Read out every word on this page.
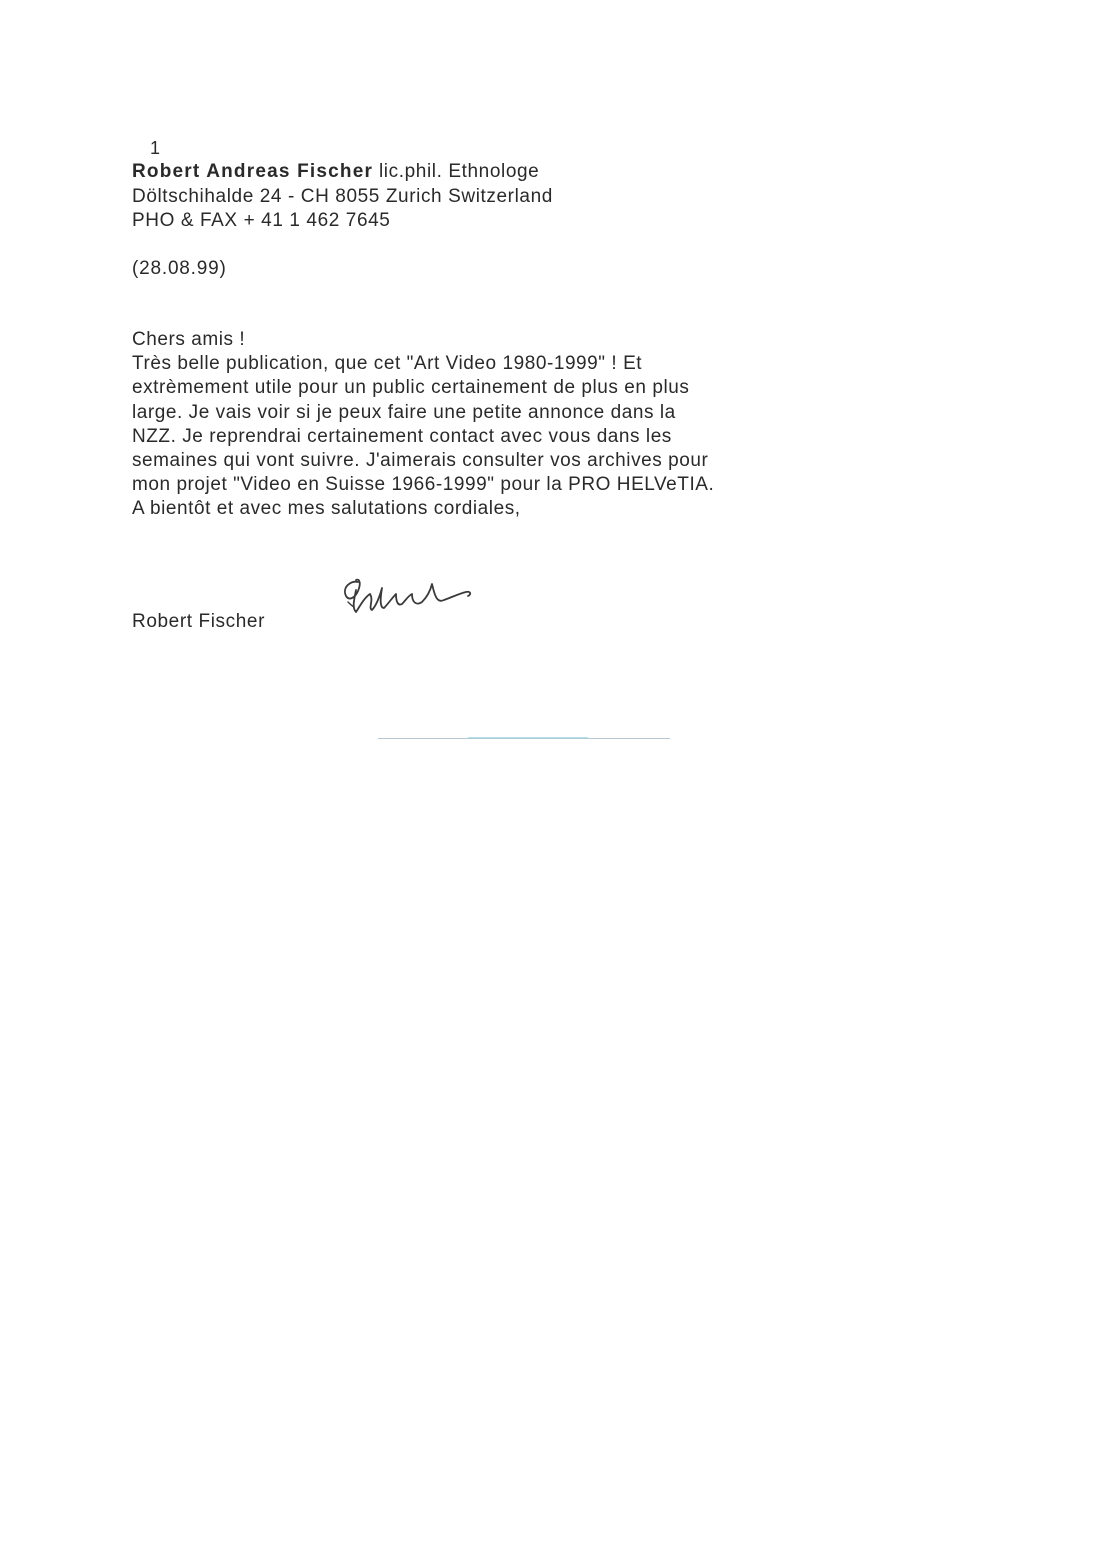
1
Robert Andreas Fischer lic.phil. Ethnologe
Döltschihalde 24 - CH 8055 Zurich Switzerland
PHO & FAX + 41 1 462 7645
(28.08.99)

Chers amis !

Très belle publication, que cet "Art Video 1980-1999" ! Et

extrèmement utile pour un public certainement de plus en plus

large. Je vais voir si je peux faire une petite annonce dans la

NZZ. Je reprendrai certainement contact avec vous dans les

semaines qui vont suivre. J'aimerais consulter vos archives pour

mon projet "Video en Suisse 1966-1999" pour la PRO HELVeTIA.

A bientôt et avec mes salutations cordiales,

Robert Fischer
